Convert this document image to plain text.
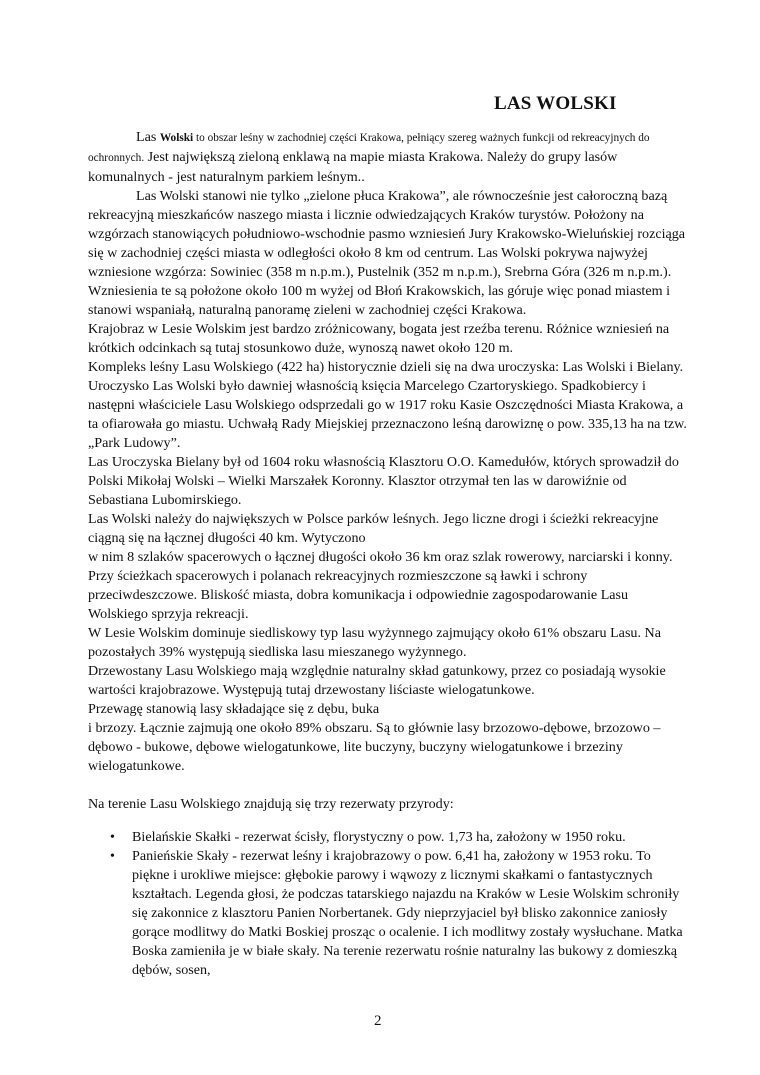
LAS WOLSKI

Las Wolski to obszar leśny w zachodniej części Krakowa, pełniący szereg ważnych funkcji od rekreacyjnych do ochronnych. Jest największą zieloną enklawą na mapie miasta Krakowa. Należy do grupy lasów komunalnych - jest naturalnym parkiem leśnym..

Las Wolski stanowi nie tylko „zielone płuca Krakowa”, ale równocześnie jest całoroczną bazą rekreacyjną mieszkańców naszego miasta i licznie odwiedzających Kraków turystów. Położony na wzgórzach stanowiących południowo-wschodnie pasmo wzniesień Jury Krakowsko-Wieluńskiej rozciąga się w zachodniej części miasta w odległości około 8 km od centrum. Las Wolski pokrywa najwyżej wzniesione wzgórza: Sowiniec (358 m n.p.m.), Pustelnik (352 m n.p.m.), Srebrna Góra (326 m n.p.m.). Wzniesienia te są położone około 100 m wyżej od Błoń Krakowskich, las góruje więc ponad miastem i stanowi wspaniałą, naturalną panoramę zieleni w zachodniej części Krakowa.

Krajobraz w Lesie Wolskim jest bardzo zróżnicowany, bogata jest rzeźba terenu. Różnice wzniesień na krótkich odcinkach są tutaj stosunkowo duże, wynoszą nawet około 120 m.

Kompleks leśny Lasu Wolskiego (422 ha) historycznie dzieli się na dwa uroczyska: Las Wolski i Bielany. Uroczysko Las Wolski było dawniej własnością księcia Marcelego Czartoryskiego. Spadkobiercy i następni właściciele Lasu Wolskiego odsprzedali go w 1917 roku Kasie Oszczędności Miasta Krakowa, a ta ofiarowała go miastu. Uchwałą Rady Miejskiej przeznaczono leśną darowiznę o pow. 335,13 ha na tzw. „Park Ludowy”.

Las Uroczyska Bielany był od 1604 roku własnością Klasztoru O.O. Kamedułów, których sprowadził do Polski Mikołaj Wolski – Wielki Marszałek Koronny. Klasztor otrzymał ten las w darowiźnie od Sebastiana Lubomirskiego.

Las Wolski należy do największych w Polsce parków leśnych. Jego liczne drogi i ścieżki rekreacyjne ciągną się na łącznej długości 40 km. Wytyczono

w nim 8 szlaków spacerowych o łącznej długości około 36 km oraz szlak rowerowy, narciarski i konny. Przy ścieżkach spacerowych i polanach rekreacyjnych rozmieszczone są ławki i schrony przeciwdeszczowe. Bliskość miasta, dobra komunikacja i odpowiednie zagospodarowanie Lasu Wolskiego sprzyja rekreacji.

W Lesie Wolskim dominuje siedliskowy typ lasu wyżynnego zajmujący około 61% obszaru Lasu. Na pozostałych 39% występują siedliska lasu mieszanego wyżynnego.

Drzewostany Lasu Wolskiego mają względnie naturalny skład gatunkowy, przez co posiadają wysokie wartości krajobrazowe. Występują tutaj drzewostany liściaste wielogatunkowe.

Przewagę stanowią lasy składające się z dębu, buka

i brzozy. Łącznie zajmują one około 89% obszaru. Są to głównie lasy brzozowo-dębowe, brzozowo – dębowo - bukowe, dębowe wielogatunkowe, lite buczyny, buczyny wielogatunkowe i brzeziny wielogatunkowe.

Na terenie Lasu Wolskiego znajdują się trzy rezerwaty przyrody:

• Bielańskie Skałki - rezerwat ścisły, florystyczny o pow. 1,73 ha, założony w 1950 roku.
• Panieńskie Skały - rezerwat leśny i krajobrazowy o pow. 6,41 ha, założony w 1953 roku. To piękne i urokliwe miejsce: głębokie parowy i wąwozy z licznymi skałkami o fantastycznych kształtach. Legenda głosi, że podczas tatarskiego najazdu na Kraków w Lesie Wolskim schroniły się zakonnice z klasztoru Panien Norbertanek. Gdy nieprzyjaciel był blisko zakonnice zaniosły gorące modlitwy do Matki Boskiej prosząc o ocalenie. I ich modlitwy zostały wysłuchane. Matka Boska zamieniła je w białe skały. Na terenie rezerwatu rośnie naturalny las bukowy z domieszką dębów, sosen,
2
